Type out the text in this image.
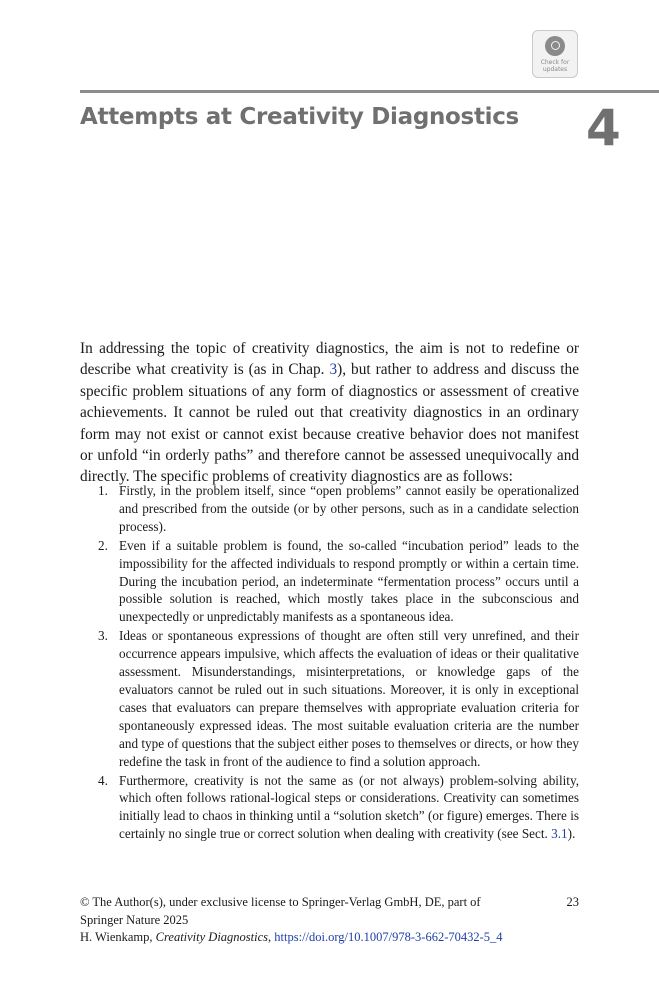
Check for
updates
Attempts at Creativity Diagnostics 4

In addressing the topic of creativity diagnostics, the aim is not to redefine or describe what creativity is (as in Chap. 3), but rather to address and discuss the specific problem situations of any form of diagnostics or assessment of creative achievements. It cannot be ruled out that creativity diagnostics in an ordinary form may not exist or cannot exist because creative behavior does not manifest or unfold “in orderly paths” and therefore cannot be assessed unequivocally and directly. The specific problems of creativity diagnostics are as follows:

1. Firstly, in the problem itself, since “open problems” cannot easily be operationalized and prescribed from the outside (or by other persons, such as in a candidate selection process).
2. Even if a suitable problem is found, the so-called “incubation period” leads to the impossibility for the affected individuals to respond promptly or within a certain time. During the incubation period, an indeterminate “fermentation process” occurs until a possible solution is reached, which mostly takes place in the subconscious and unexpectedly or unpredictably manifests as a spontaneous idea.
3. Ideas or spontaneous expressions of thought are often still very unrefined, and their occurrence appears impulsive, which affects the evaluation of ideas or their qualitative assessment. Misunderstandings, misinterpretations, or knowledge gaps of the evaluators cannot be ruled out in such situations. Moreover, it is only in exceptional cases that evaluators can prepare themselves with appropriate evaluation criteria for spontaneously expressed ideas. The most suitable evaluation criteria are the number and type of questions that the subject either poses to themselves or directs, or how they redefine the task in front of the audience to find a solution approach.
4. Furthermore, creativity is not the same as (or not always) problem-solving ability, which often follows rational-logical steps or considerations. Creativity can sometimes initially lead to chaos in thinking until a “solution sketch” (or figure) emerges. There is certainly no single true or correct solution when dealing with creativity (see Sect. 3.1).
23
© The Author(s), under exclusive license to Springer-Verlag GmbH, DE, part of
Springer Nature 2025
H. Wienkamp, Creativity Diagnostics, https://doi.org/10.1007/978-3-662-70432-5_4
